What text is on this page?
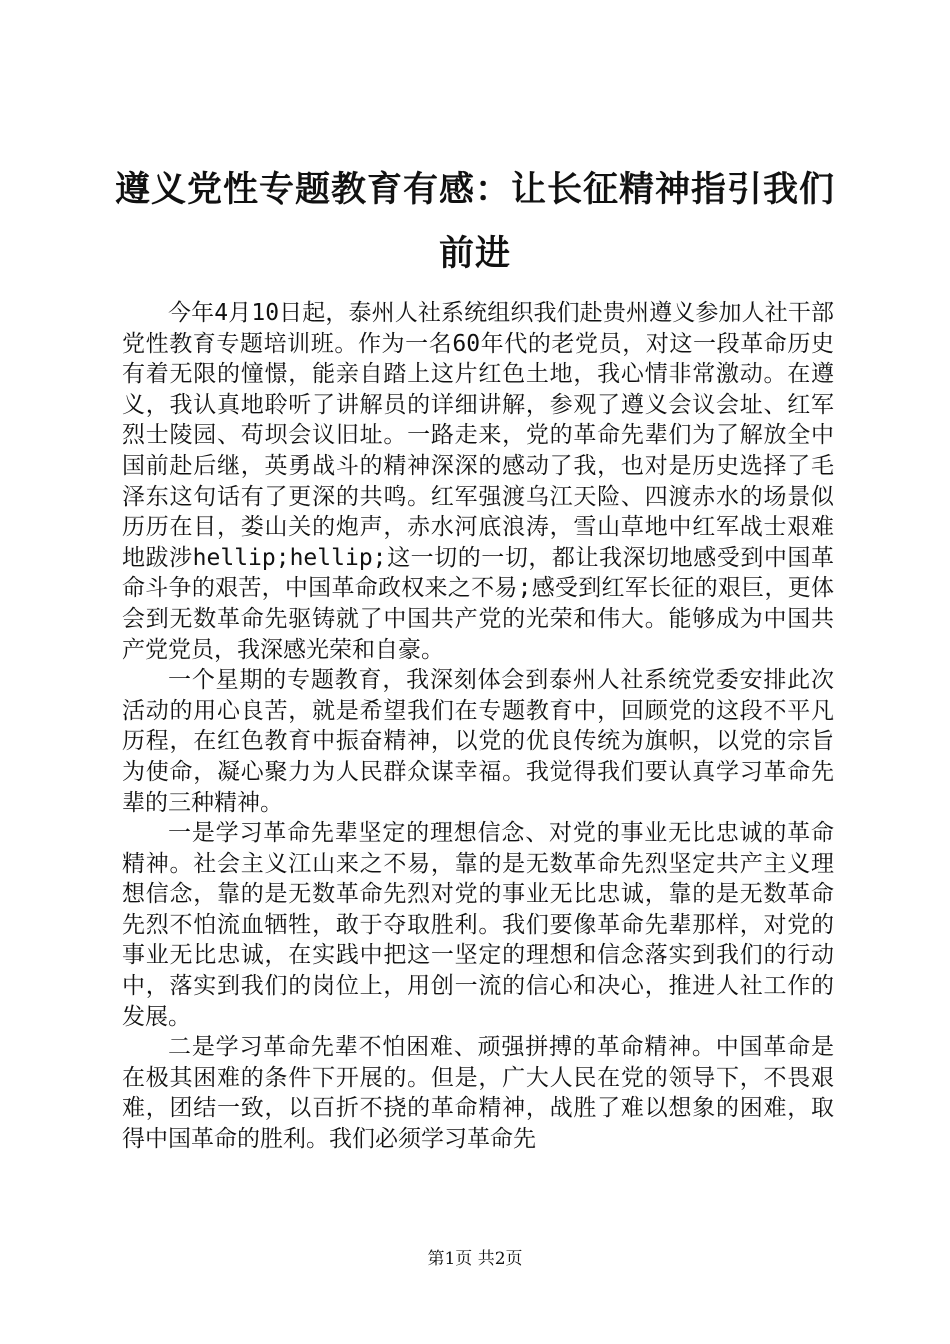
遵义党性专题教育有感：让长征精神指引我们前进

今年4月10日起，泰州人社系统组织我们赴贵州遵义参加人社干部党性教育专题培训班。作为一名60年代的老党员，对这一段革命历史有着无限的憧憬，能亲自踏上这片红色土地，我心情非常激动。在遵义，我认真地聆听了讲解员的详细讲解，参观了遵义会议会址、红军烈士陵园、苟坝会议旧址。一路走来，党的革命先辈们为了解放全中国前赴后继，英勇战斗的精神深深的感动了我，也对是历史选择了毛泽东这句话有了更深的共鸣。红军强渡乌江天险、四渡赤水的场景似历历在目，娄山关的炮声，赤水河底浪涛，雪山草地中红军战士艰难地跋涉hellip;hellip;这一切的一切，都让我深切地感受到中国革命斗争的艰苦，中国革命政权来之不易;感受到红军长征的艰巨，更体会到无数革命先驱铸就了中国共产党的光荣和伟大。能够成为中国共产党党员，我深感光荣和自豪。

一个星期的专题教育，我深刻体会到泰州人社系统党委安排此次活动的用心良苦，就是希望我们在专题教育中，回顾党的这段不平凡历程，在红色教育中振奋精神，以党的优良传统为旗帜，以党的宗旨为使命，凝心聚力为人民群众谋幸福。我觉得我们要认真学习革命先辈的三种精神。

一是学习革命先辈坚定的理想信念、对党的事业无比忠诚的革命精神。社会主义江山来之不易，靠的是无数革命先烈坚定共产主义理想信念，靠的是无数革命先烈对党的事业无比忠诚，靠的是无数革命先烈不怕流血牺牲，敢于夺取胜利。我们要像革命先辈那样，对党的事业无比忠诚，在实践中把这一坚定的理想和信念落实到我们的行动中，落实到我们的岗位上，用创一流的信心和决心，推进人社工作的发展。

二是学习革命先辈不怕困难、顽强拼搏的革命精神。中国革命是在极其困难的条件下开展的。但是，广大人民在党的领导下，不畏艰难，团结一致，以百折不挠的革命精神，战胜了难以想象的困难，取得中国革命的胜利。我们必须学习革命先

第1页 共2页
